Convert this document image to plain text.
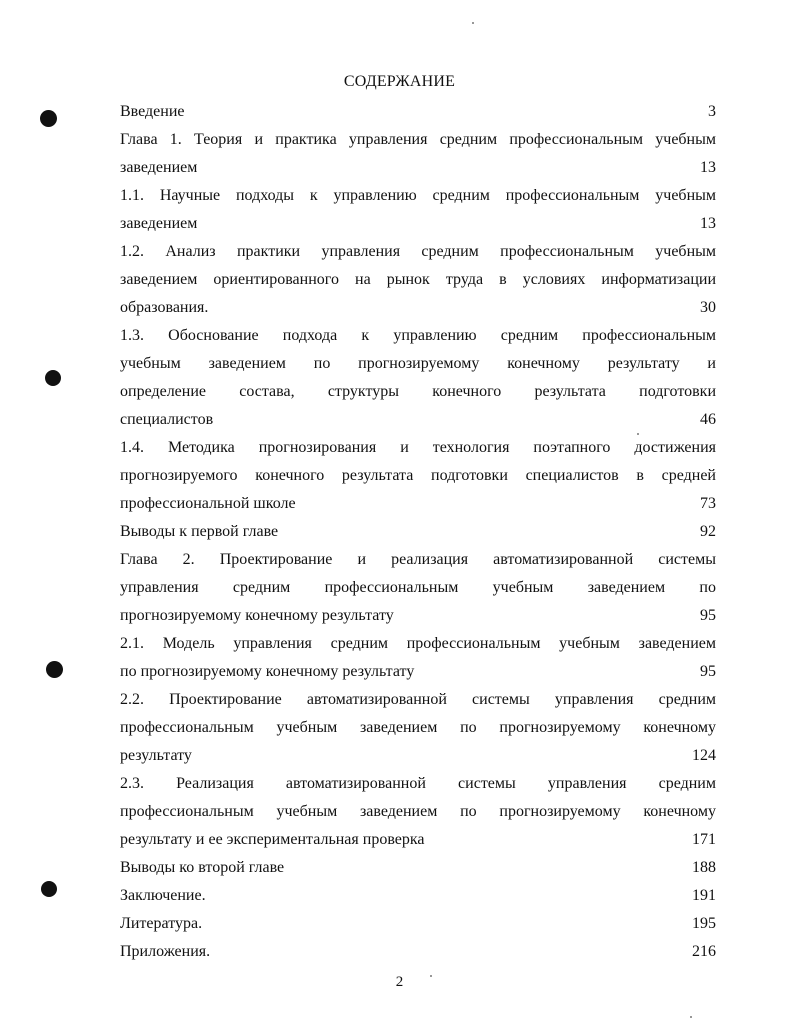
СОДЕРЖАНИЕ
Введение	3
Глава 1. Теория и практика управления средним профессиональным учебным
заведением	13
1.1. Научные подходы к управлению средним профессиональным учебным
заведением	13
1.2. Анализ практики управления средним профессиональным учебным
заведением ориентированного на рынок труда в условиях информатизации
образования.	30
1.3. Обоснование подхода к управлению средним профессиональным
учебным заведением по прогнозируемому конечному результату и
определение состава, структуры конечного результата подготовки
специалистов	46
1.4. Методика прогнозирования и технология поэтапного достижения
прогнозируемого конечного результата подготовки специалистов в средней
профессиональной школе	73
Выводы к первой главе	92
Глава 2. Проектирование и реализация автоматизированной системы
управления средним профессиональным учебным заведением по
прогнозируемому конечному результату	95
2.1. Модель управления средним профессиональным учебным заведением
по прогнозируемому конечному результату	95
2.2. Проектирование автоматизированной системы управления средним
профессиональным учебным заведением по прогнозируемому конечному
результату	124
2.3. Реализация автоматизированной системы управления средним
профессиональным учебным заведением по прогнозируемому конечному
результату и ее экспериментальная проверка	171
Выводы ко второй главе	188
Заключение.	191
Литература.	195
Приложения.	216
2
